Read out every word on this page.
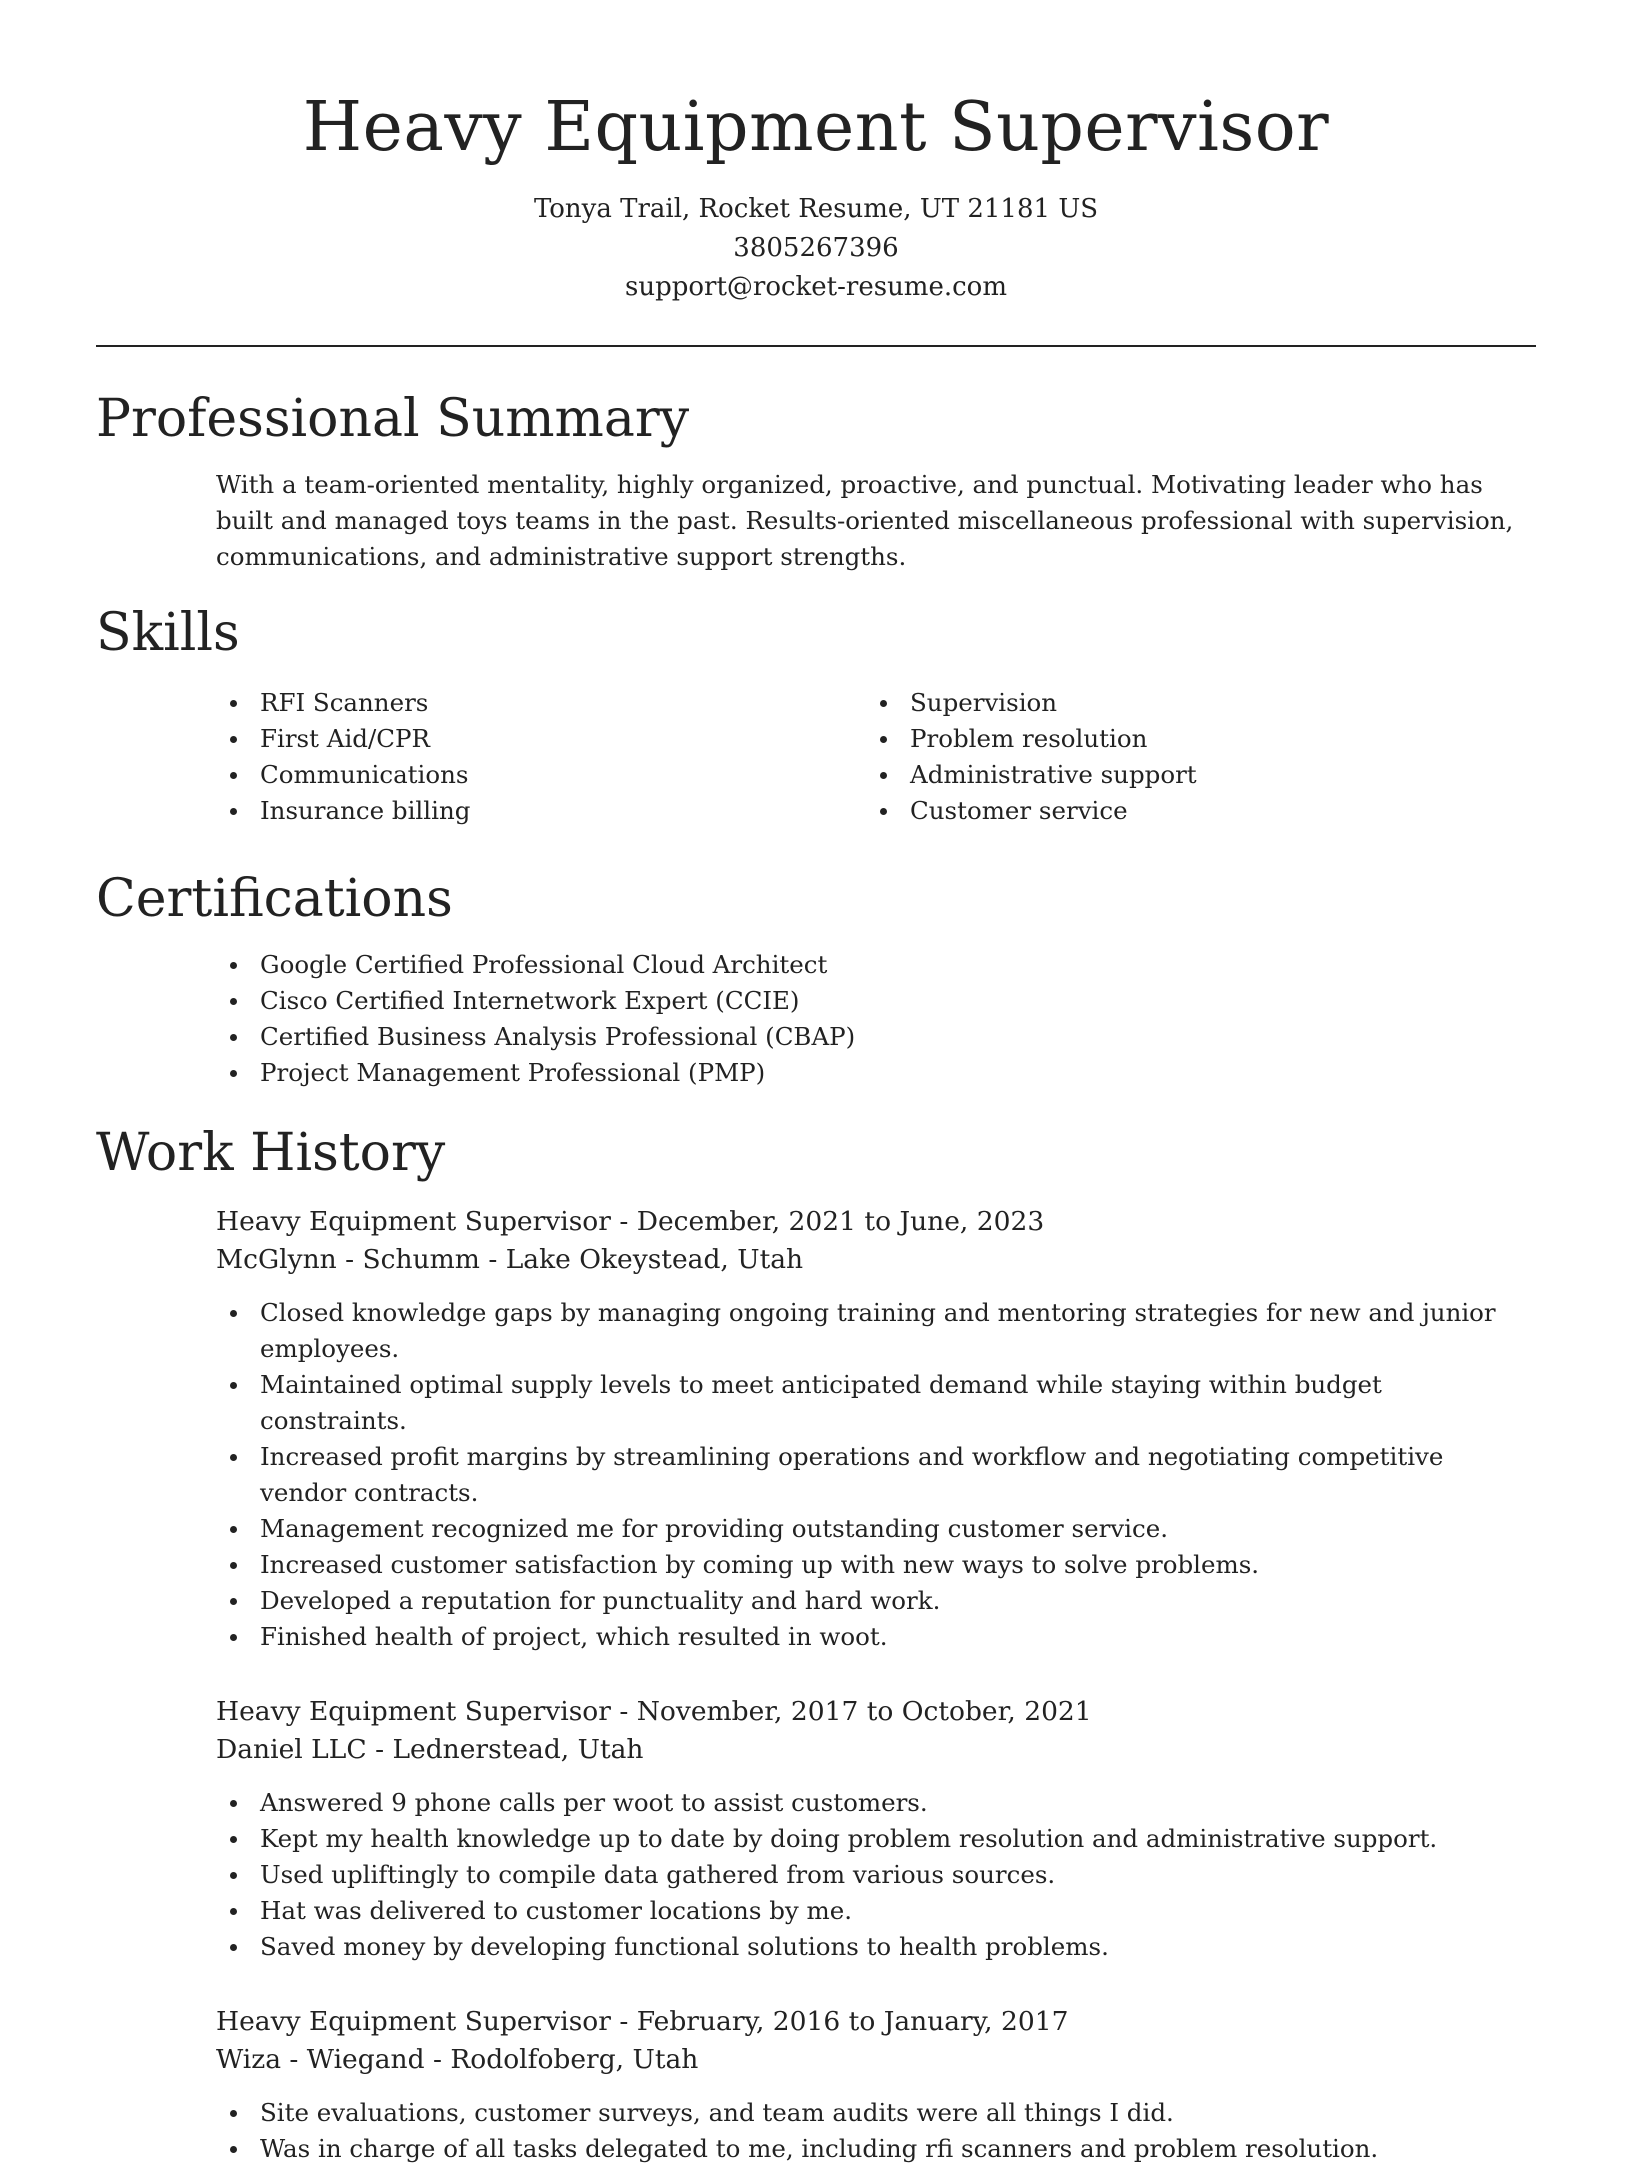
Heavy Equipment Supervisor

Tonya Trail, Rocket Resume, UT 21181 US

3805267396

support@rocket-resume.com

Professional Summary

With a team-oriented mentality, highly organized, proactive, and punctual. Motivating leader who has built and managed toys teams in the past. Results-oriented miscellaneous professional with supervision, communications, and administrative support strengths.

Skills
RFI Scanners
First Aid/CPR
Communications
Insurance billing
Supervision
Problem resolution
Administrative support
Customer service
Certifications
Google Certified Professional Cloud Architect
Cisco Certified Internetwork Expert (CCIE)
Certified Business Analysis Professional (CBAP)
Project Management Professional (PMP)
Work History

Heavy Equipment Supervisor - December, 2021 to June, 2023

McGlynn - Schumm - Lake Okeystead, Utah

Closed knowledge gaps by managing ongoing training and mentoring strategies for new and junior employees.
Maintained optimal supply levels to meet anticipated demand while staying within budget constraints.
Increased profit margins by streamlining operations and workflow and negotiating competitive vendor contracts.
Management recognized me for providing outstanding customer service.
Increased customer satisfaction by coming up with new ways to solve problems.
Developed a reputation for punctuality and hard work.
Finished health of project, which resulted in woot.

Heavy Equipment Supervisor - November, 2017 to October, 2021

Daniel LLC - Lednerstead, Utah

Answered 9 phone calls per woot to assist customers.
Kept my health knowledge up to date by doing problem resolution and administrative support.
Used upliftingly to compile data gathered from various sources.
Hat was delivered to customer locations by me.
Saved money by developing functional solutions to health problems.

Heavy Equipment Supervisor - February, 2016 to January, 2017

Wiza - Wiegand - Rodolfoberg, Utah

Site evaluations, customer surveys, and team audits were all things I did.
Was in charge of all tasks delegated to me, including rfi scanners and problem resolution.
